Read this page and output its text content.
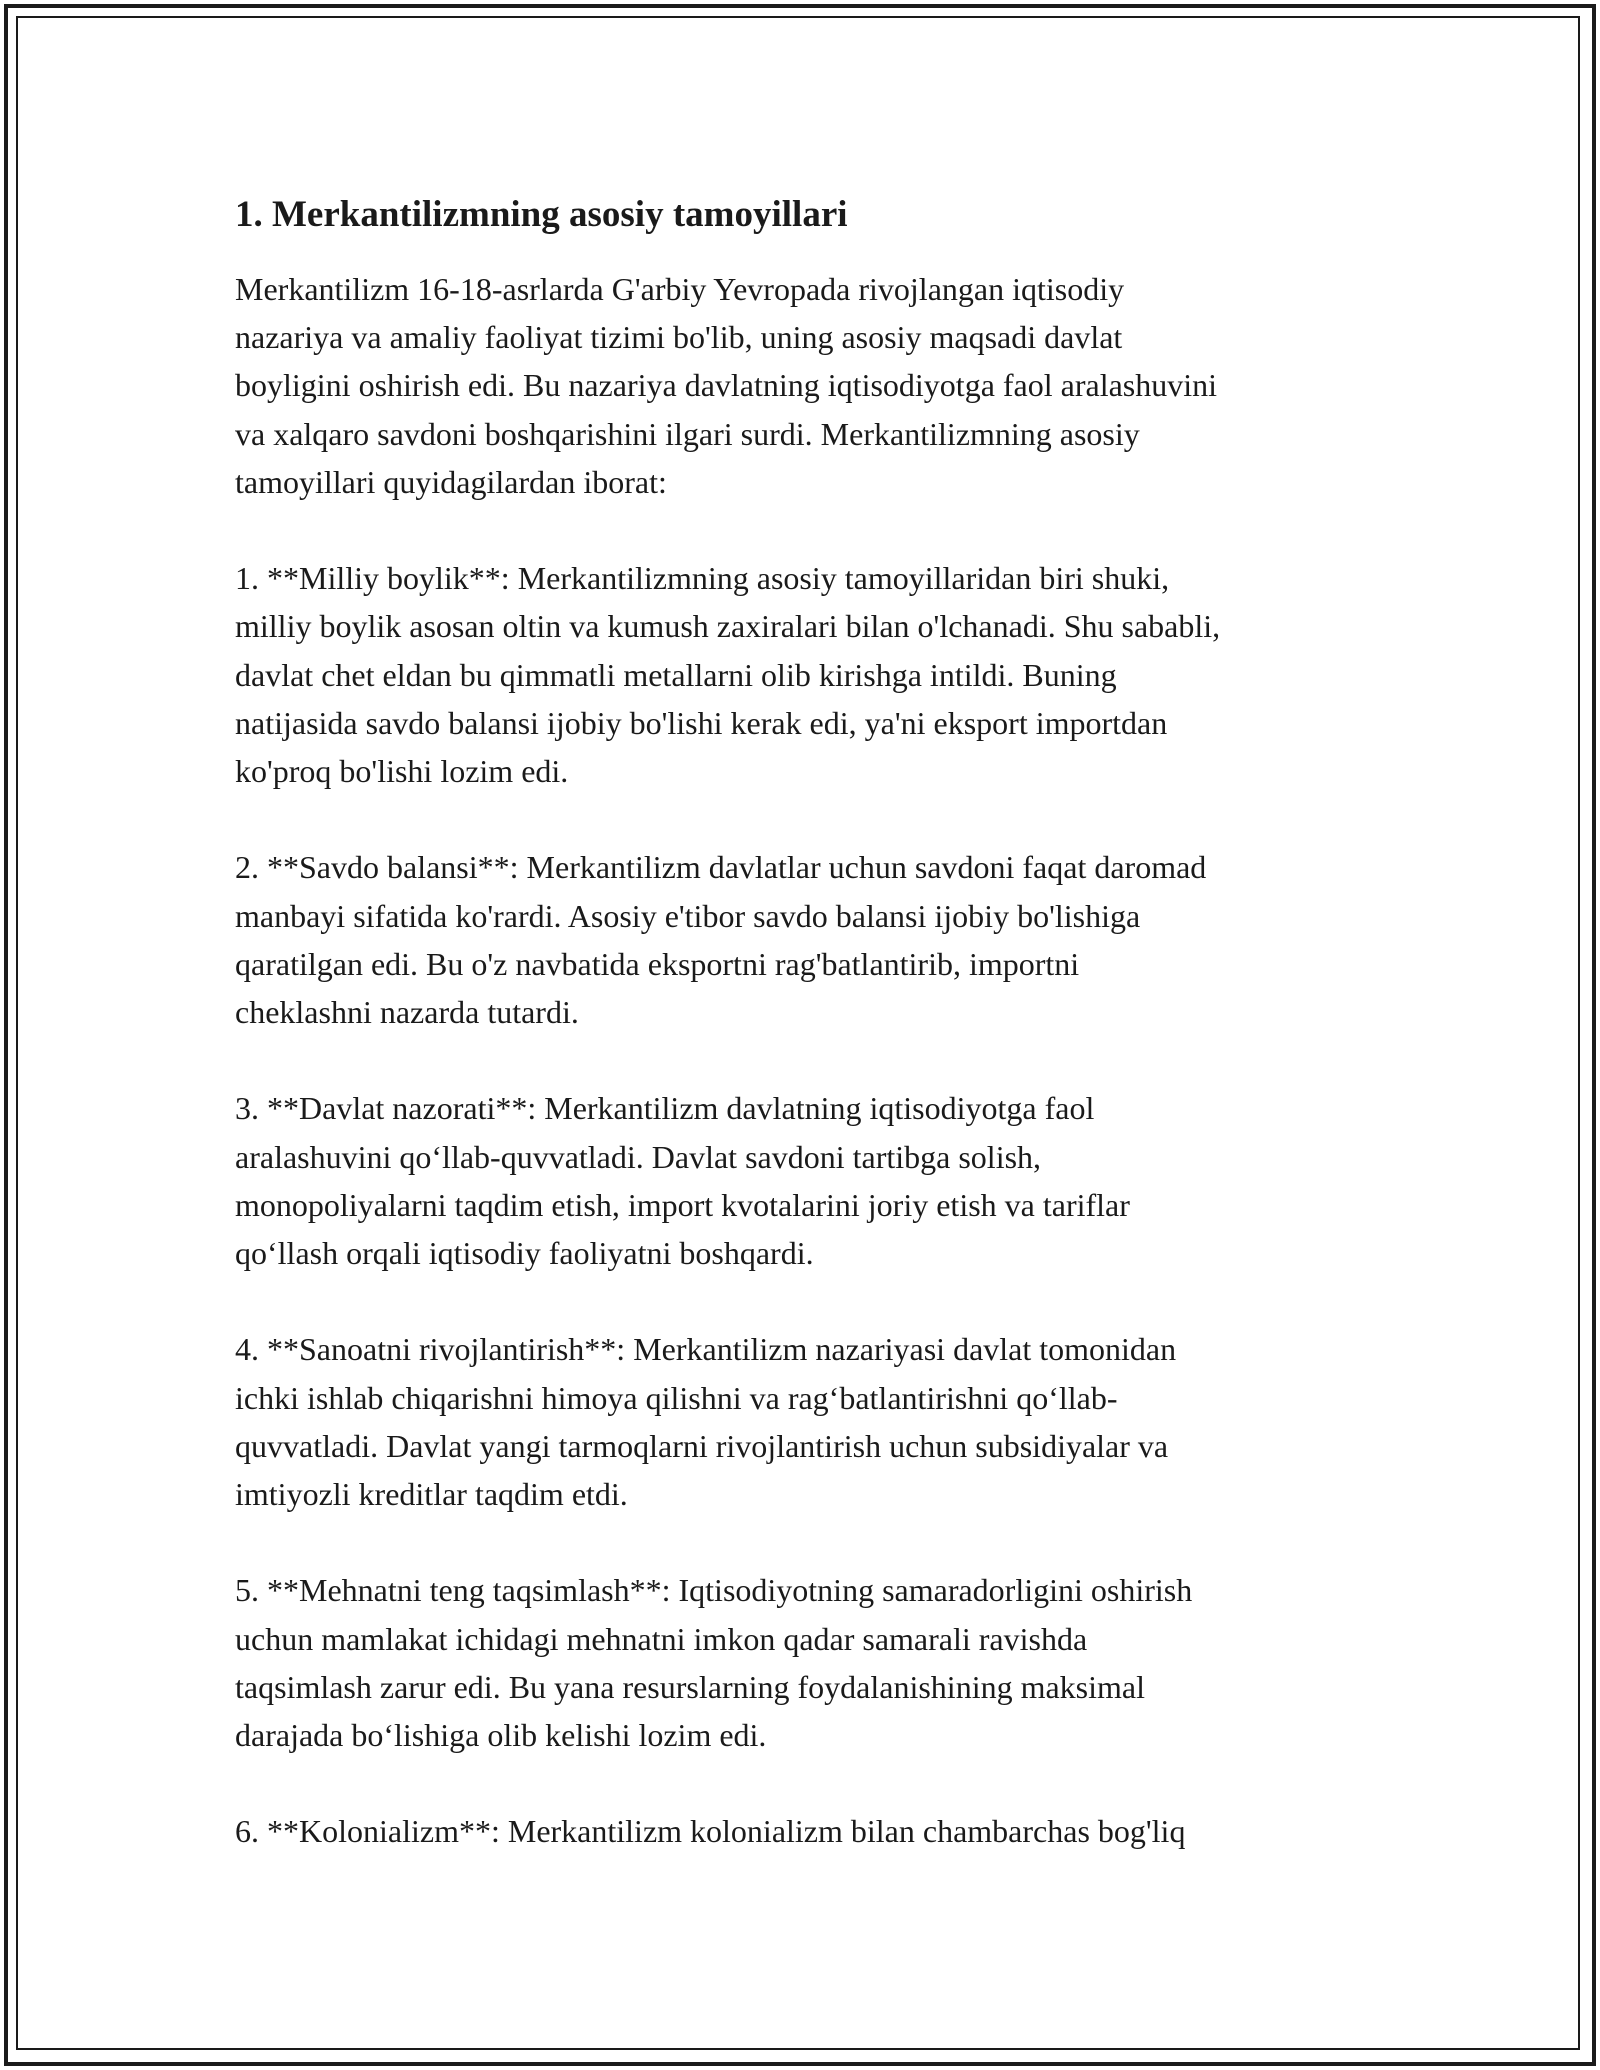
1. Merkantilizmning asosiy tamoyillari

Merkantilizm 16-18-asrlarda G'arbiy Yevropada rivojlangan iqtisodiy
nazariya va amaliy faoliyat tizimi bo'lib, uning asosiy maqsadi davlat
boyligini oshirish edi. Bu nazariya davlatning iqtisodiyotga faol aralashuvini
va xalqaro savdoni boshqarishini ilgari surdi. Merkantilizmning asosiy
tamoyillari quyidagilardan iborat:

1. **Milliy boylik**: Merkantilizmning asosiy tamoyillaridan biri shuki,
milliy boylik asosan oltin va kumush zaxiralari bilan o'lchanadi. Shu sababli,
davlat chet eldan bu qimmatli metallarni olib kirishga intildi. Buning
natijasida savdo balansi ijobiy bo'lishi kerak edi, ya'ni eksport importdan
ko'proq bo'lishi lozim edi.

2. **Savdo balansi**: Merkantilizm davlatlar uchun savdoni faqat daromad
manbayi sifatida ko'rardi. Asosiy e'tibor savdo balansi ijobiy bo'lishiga
qaratilgan edi. Bu o'z navbatida eksportni rag'batlantirib, importni
cheklashni nazarda tutardi.

3. **Davlat nazorati**: Merkantilizm davlatning iqtisodiyotga faol
aralashuvini qo‘llab-quvvatladi. Davlat savdoni tartibga solish,
monopoliyalarni taqdim etish, import kvotalarini joriy etish va tariflar
qo‘llash orqali iqtisodiy faoliyatni boshqardi.

4. **Sanoatni rivojlantirish**: Merkantilizm nazariyasi davlat tomonidan
ichki ishlab chiqarishni himoya qilishni va rag‘batlantirishni qo‘llab-
quvvatladi. Davlat yangi tarmoqlarni rivojlantirish uchun subsidiyalar va
imtiyozli kreditlar taqdim etdi.

5. **Mehnatni teng taqsimlash**: Iqtisodiyotning samaradorligini oshirish
uchun mamlakat ichidagi mehnatni imkon qadar samarali ravishda
taqsimlash zarur edi. Bu yana resurslarning foydalanishining maksimal
darajada bo‘lishiga olib kelishi lozim edi.

6. **Kolonializm**: Merkantilizm kolonializm bilan chambarchas bog'liq
